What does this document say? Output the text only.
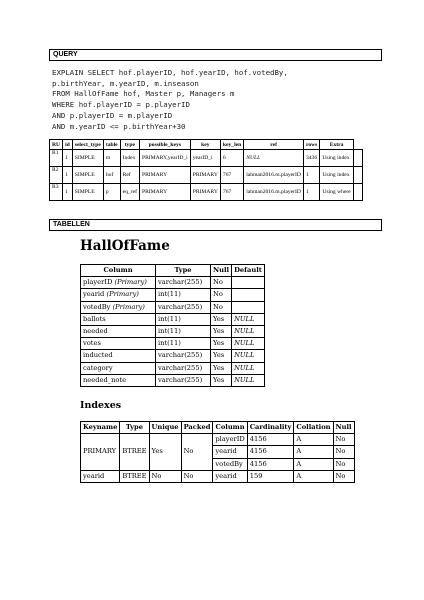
QUERY
EXPLAIN SELECT hof.playerID, hof.yearID, hof.votedBy,
p.birthYear, m.yearID, m.inseason
FROM HallOfFame hof, Master p, Managers m
WHERE hof.playerID = p.playerID
AND p.playerID = m.playerID
AND m.yearID <= p.birthYear+30
RU	id	select_type	table	type	possible_keys	key	key_len	ref	rows	Extra	
R1	1	SIMPLE	m	Index	PRIMARY,yearID_i	yearID_i	6	NULL	3436	Using index	
R2	1	SIMPLE	hof	Ref	PRIMARY	PRIMARY	767	lahman2016.m.playerID	1	Using index	
R3	1	SIMPLE	p	eq_ref	PRIMARY	PRIMARY	767	lahman2016.m.playerID	1	Using where	
TABELLEN
HallOfFame
Column	Type	Null	Default
playerID (Primary)	varchar(255)	No	
yearid (Primary)	int(11)	No	
votedBy (Primary)	varchar(255)	No	
ballots	int(11)	Yes	NULL
needed	int(11)	Yes	NULL
votes	int(11)	Yes	NULL
inducted	varchar(255)	Yes	NULL
category	varchar(255)	Yes	NULL
needed_note	varchar(255)	Yes	NULL
Indexes
Keyname	Type	Unique	Packed	Column	Cardinality	Collation	Null
PRIMARY	BTREE	Yes	No	playerID	4156	A	No
				yearid	4156	A	No
				votedBy	4156	A	No
yearid	BTREE	No	No	yearid	159	A	No
